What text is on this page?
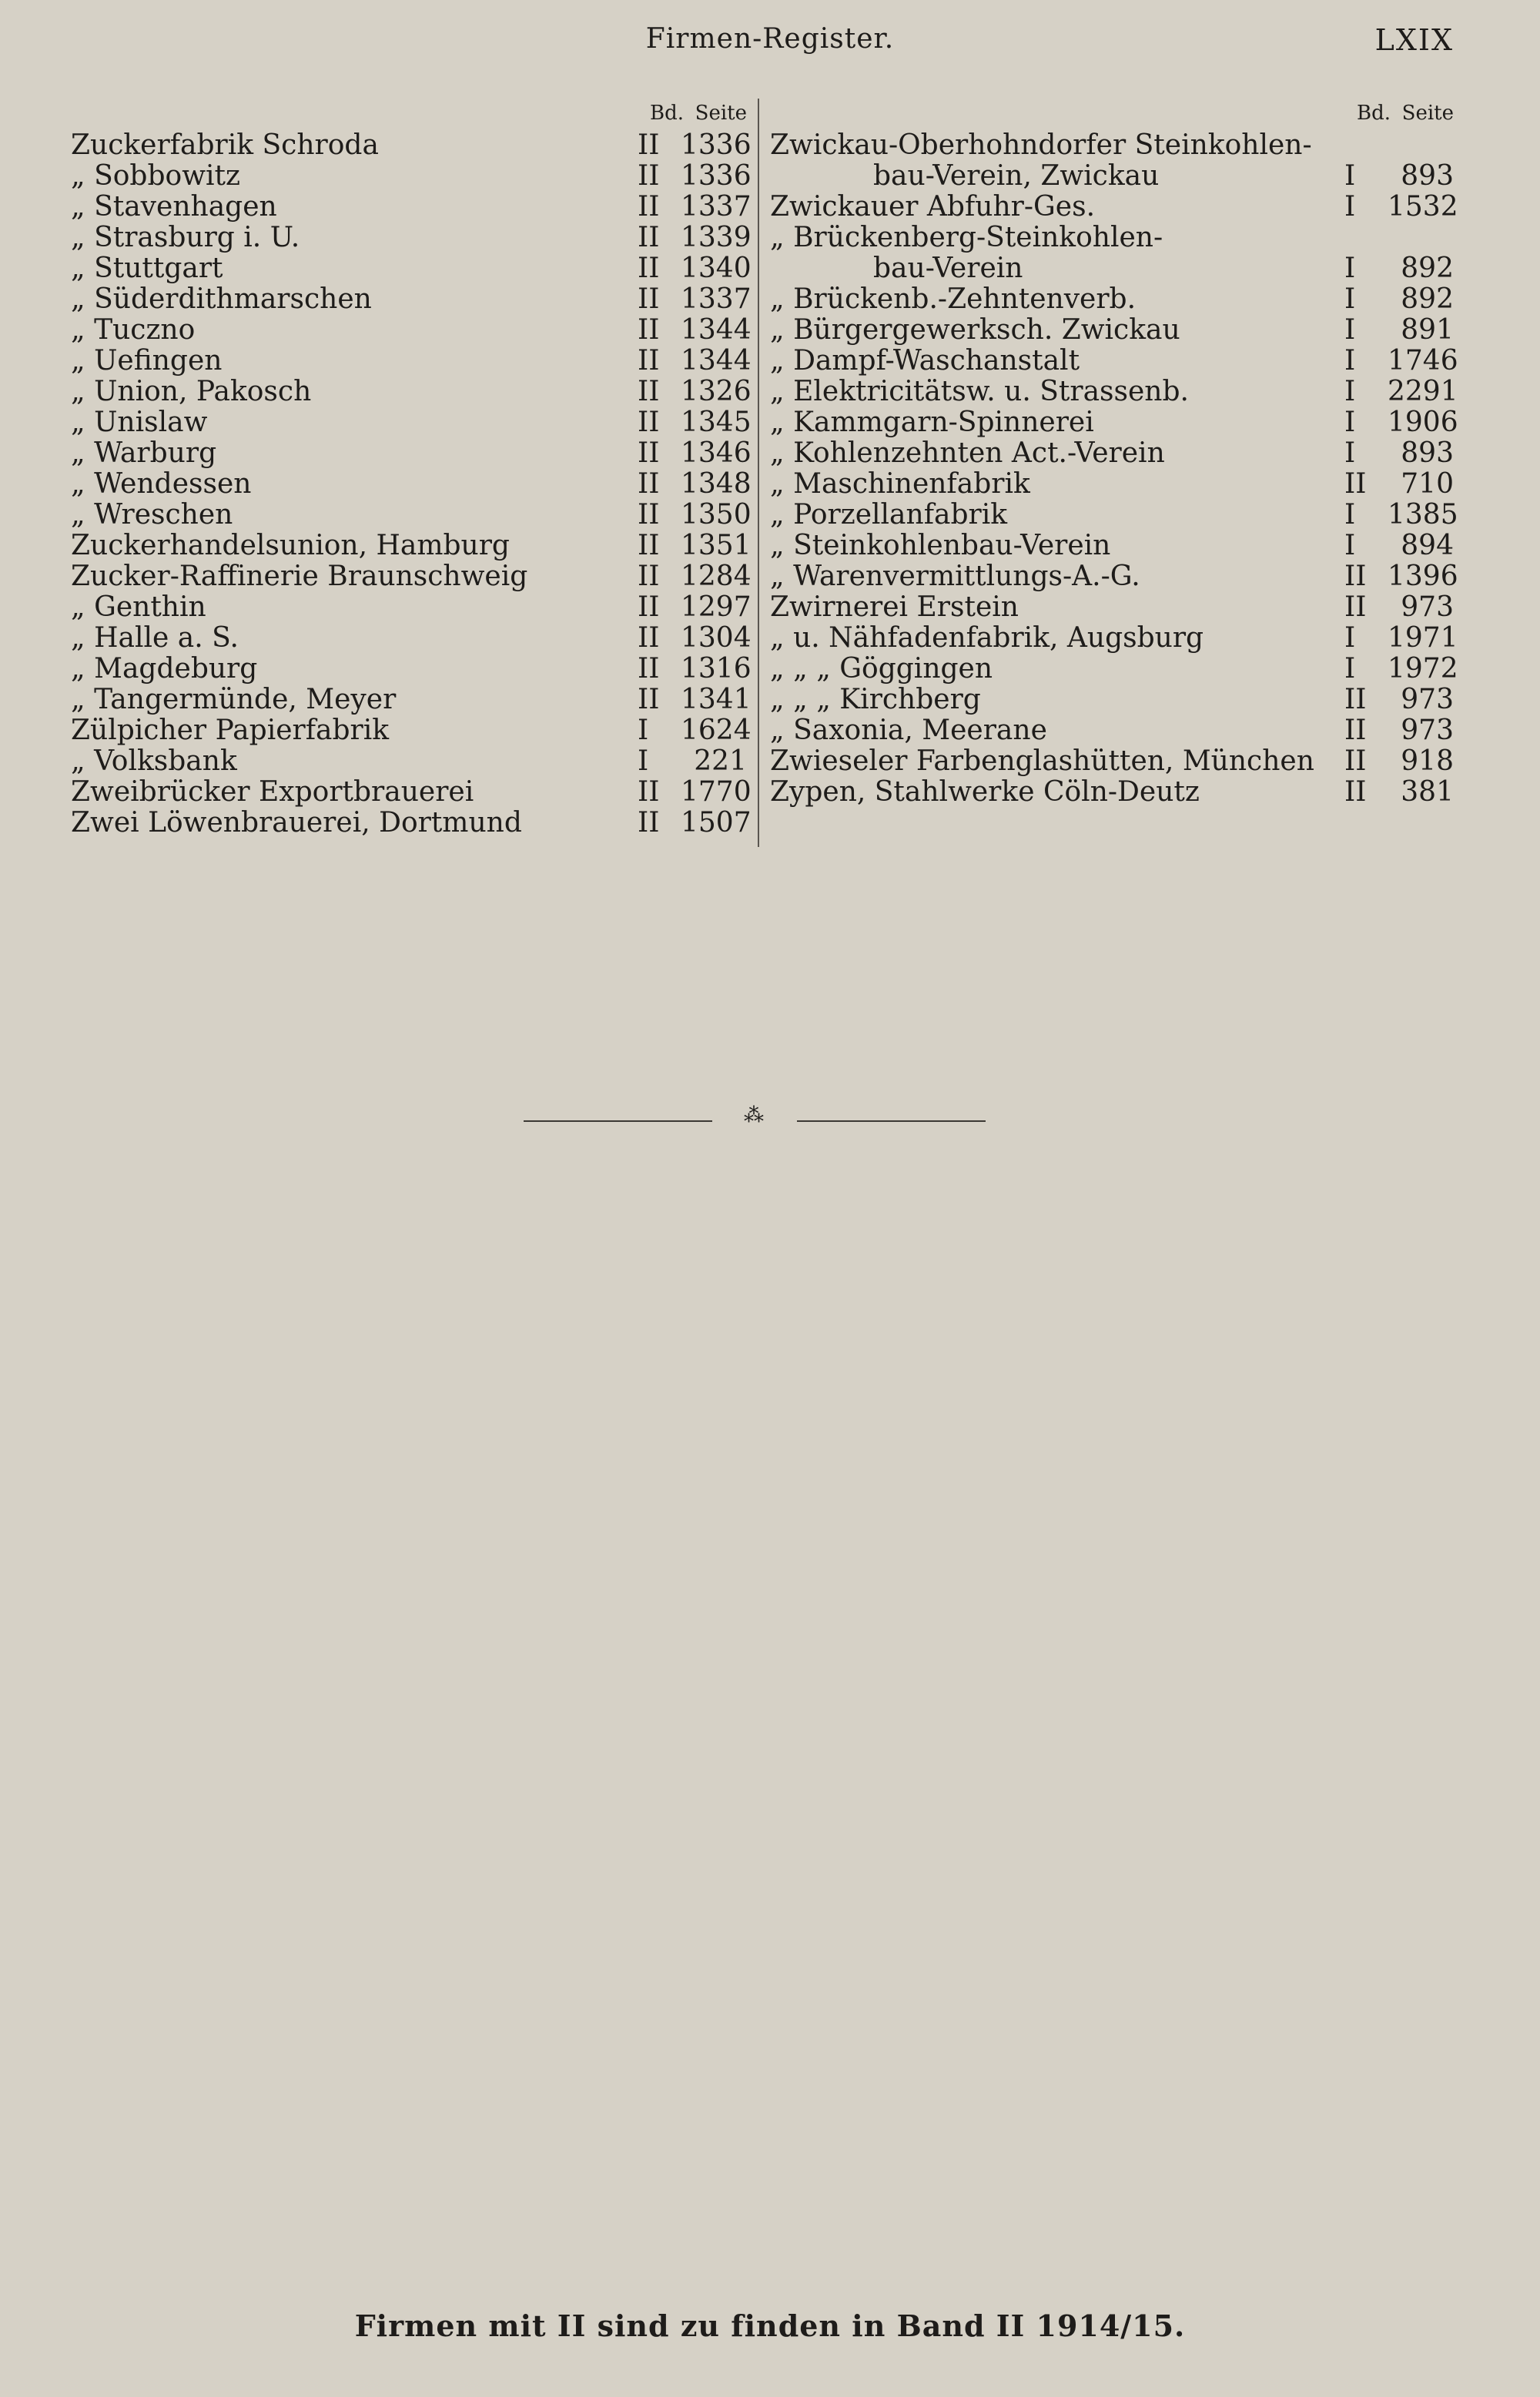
Firmen-Register.	LXIX
Bd. Seite
Zuckerfabrik Schroda	II 1336
„ Sobbowitz	II 1336
„ Stavenhagen	II 1337
„ Strasburg i. U.	II 1339
„ Stuttgart	II 1340
„ Süderdithmarschen	II 1337
„ Tuczno	II 1344
„ Uefingen	II 1344
„ Union, Pakosch	II 1326
„ Unislaw	II 1345
„ Warburg	II 1346
„ Wendessen	II 1348
„ Wreschen	II 1350
Zuckerhandelsunion, Hamburg	II 1351
Zucker-Raffinerie Braunschweig	II 1284
„ Genthin	II 1297
„ Halle a. S.	II 1304
„ Magdeburg	II 1316
„ Tangermünde, Meyer	II 1341
Zülpicher Papierfabrik	I	1624
„ Volksbank	I	221
Zweibrücker Exportbrauerei	II 1770
Zwei Löwenbrauerei, Dortmund	II 1507
Bd. Seite
Zwickau-Oberhohndorfer Steinkohlen-
bau-Verein, Zwickau	I	893
Zwickauer Abfuhr-Ges.	I	1532
„ Brückenberg-Steinkohlen-
bau-Verein	I	892
„ Brückenb.-Zehntenverb.	I	892
„ Bürgergewerksch. Zwickau	I	891
„ Dampf-Waschanstalt	I	1746
„ Elektricitätsw. u. Strassenb.	I	2291
„ Kammgarn-Spinnerei	I	1906
„ Kohlenzehnten Act.-Verein	I	893
„ Maschinenfabrik	II	710
„ Porzellanfabrik	I	1385
„ Steinkohlenbau-Verein	I	894
„ Warenvermittlungs-A.-G.	II 1396
Zwirnerei Erstein	II	973
„ u. Nähfadenfabrik, Augsburg	I	1971
„ „ „ Göggingen	I	1972
„ „ „ Kirchberg	II	973
„ Saxonia, Meerane	II	973
Zwieseler Farbenglashütten, München	II	918
Zypen, Stahlwerke Cöln-Deutz	II	381
⁂
Firmen mit II sind zu finden in Band II 1914/15.
